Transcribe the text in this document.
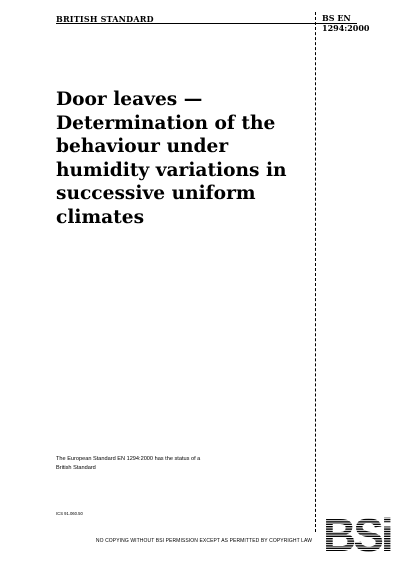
BRITISH STANDARD	BS EN
1294:2000
Door leaves —
Determination of the
behaviour under
humidity variations in
successive uniform
climates
The European Standard EN 1294:2000 has the status of a
British Standard
ICS 91.060.50
NO COPYING WITHOUT BSI PERMISSION EXCEPT AS PERMITTED BY COPYRIGHT LAW
